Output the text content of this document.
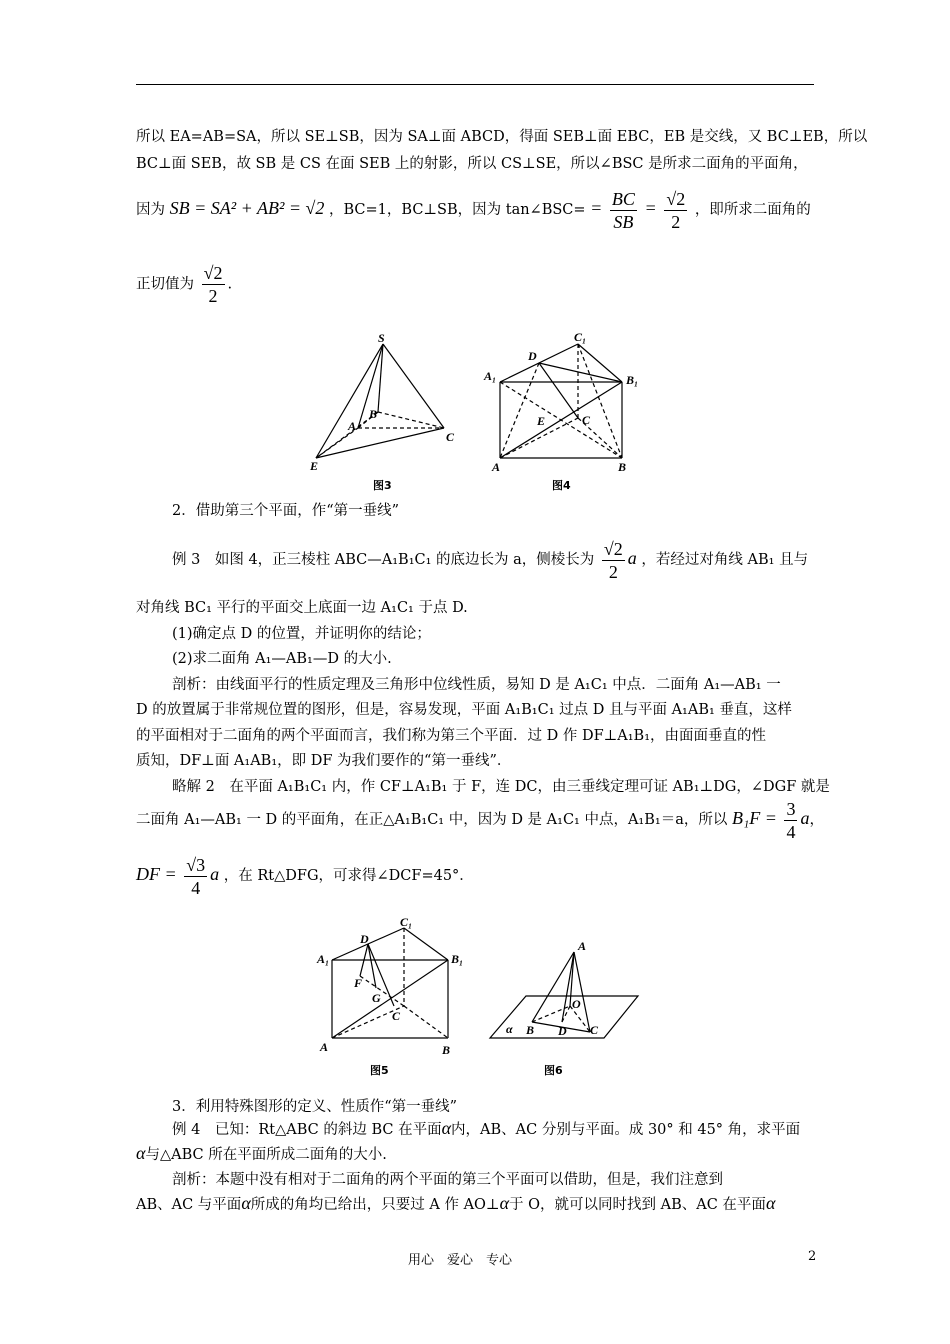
所以 EA=AB=SA，所以 SE⊥SB，因为 SA⊥面 ABCD，得面 SEB⊥面 EBC，EB 是交线，又 BC⊥EB，所以
BC⊥面 SEB，故 SB 是 CS 在面 SEB 上的射影，所以 CS⊥SE，所以∠BSC 是所求二面角的平面角，
因为 SB = SA² + AB² = √2 ，BC=1，BC⊥SB，因为 tan∠BSC= = $\frac{BC}{SB} = \frac{√2}{2}$ ，即所求二面角的
正切值为 $\frac{√2}{2}$ .
S
B
A
C
E
图3
C₁
D
A₁	B₁
E	C
A	B
图4
2．借助第三个平面，作“第一垂线”
例 3　如图 4，正三棱柱 ABC—A₁B₁C₁ 的底边长为 a，侧棱长为 $\frac{√2}{2}$ a ，若经过对角线 AB₁ 且与
对角线 BC₁ 平行的平面交上底面一边 A₁C₁ 于点 D.
(1)确定点 D 的位置，并证明你的结论；
(2)求二面角 A₁—AB₁—D 的大小.
剖析：由线面平行的性质定理及三角形中位线性质，易知 D 是 A₁C₁ 中点．二面角 A₁—AB₁ 一
D 的放置属于非常规位置的图形，但是，容易发现，平面 A₁B₁C₁ 过点 D 且与平面 A₁AB₁ 垂直，这样
的平面相对于二面角的两个平面而言，我们称为第三个平面．过 D 作 DF⊥A₁B₁，由面面垂直的性
质知，DF⊥面 A₁AB₁，即 DF 为我们要作的“第一垂线”．
略解 2　在平面 A₁B₁C₁ 内，作 CF⊥A₁B₁ 于 F，连 DC，由三垂线定理可证 AB₁⊥DG，∠DGF 就是
二面角 A₁—AB₁ 一 D 的平面角，在正△A₁B₁C₁ 中，因为 D 是 A₁C₁ 中点，A₁B₁＝a，所以 $B_1F = \frac{3}{4}$ a，
DF = $\frac{√3}{4}$ a ，在 Rt△DFG，可求得∠DCF=45°．
C₁
D
A₁	B₁
F
G
C
A	B
图5
A
α B
O
D C
图6
3．利用特殊图形的定义、性质作“第一垂线”
例 4　已知：Rt△ABC 的斜边 BC 在平面α内，AB、AC 分别与平面。成 30° 和 45° 角，求平面
α与△ABC 所在平面所成二面角的大小.
剖析：本题中没有相对于二面角的两个平面的第三个平面可以借助，但是，我们注意到
AB、AC 与平面α所成的角均已给出，只要过 A 作 AO⊥α于 O，就可以同时找到 AB、AC 在平面α
用心　爱心　专心	2
